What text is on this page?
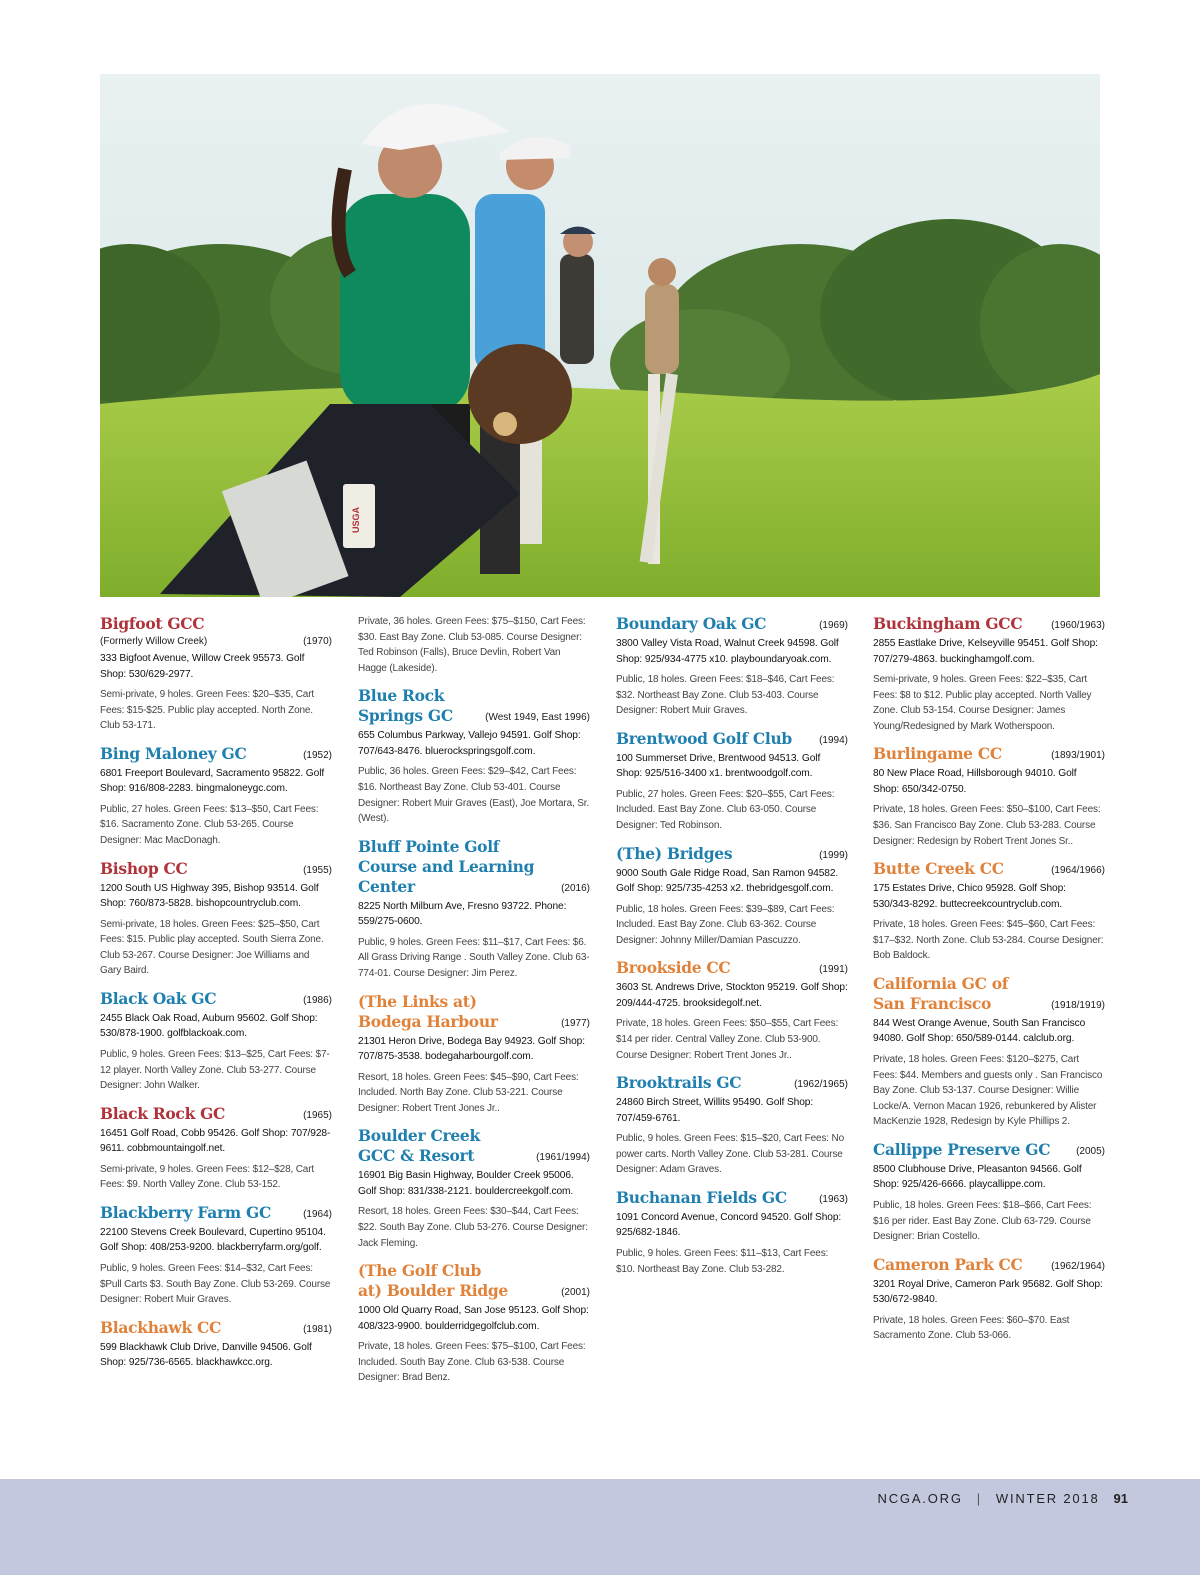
USGA
Bigfoot GCC
(Formerly Willow Creek)	(1970)
333 Bigfoot Avenue, Willow Creek 95573. Golf Shop: 530/629-2977.
Semi-private, 9 holes. Green Fees: $20–$35, Cart Fees: $15-$25. Public play accepted. North Zone. Club 53-171.
Bing Maloney GC	(1952)
6801 Freeport Boulevard, Sacramento 95822. Golf Shop: 916/808-2283. bingmaloneygc.com.
Public, 27 holes. Green Fees: $13–$50, Cart Fees: $16. Sacramento Zone. Club 53-265. Course Designer: Mac MacDonagh.
Bishop CC	(1955)
1200 South US Highway 395, Bishop 93514. Golf Shop: 760/873-5828. bishopcountryclub.com.
Semi-private, 18 holes. Green Fees: $25–$50, Cart Fees: $15. Public play accepted. South Sierra Zone. Club 53-267. Course Designer: Joe Williams and Gary Baird.
Black Oak GC	(1986)
2455 Black Oak Road, Auburn 95602. Golf Shop: 530/878-1900. golfblackoak.com.
Public, 9 holes. Green Fees: $13–$25, Cart Fees: $7-12 player. North Valley Zone. Club 53-277. Course Designer: John Walker.
Black Rock GC	(1965)
16451 Golf Road, Cobb 95426. Golf Shop: 707/928-9611. cobbmountaingolf.net.
Semi-private, 9 holes. Green Fees: $12–$28, Cart Fees: $9. North Valley Zone. Club 53-152.
Blackberry Farm GC	(1964)
22100 Stevens Creek Boulevard, Cupertino 95104. Golf Shop: 408/253-9200. blackberryfarm.org/golf.
Public, 9 holes. Green Fees: $14–$32, Cart Fees: $Pull Carts $3. South Bay Zone. Club 53-269. Course Designer: Robert Muir Graves.
Blackhawk CC	(1981)
599 Blackhawk Club Drive, Danville 94506. Golf Shop: 925/736-6565. blackhawkcc.org.
Private, 36 holes. Green Fees: $75–$150, Cart Fees: $30. East Bay Zone. Club 53-085. Course Designer: Ted Robinson (Falls), Bruce Devlin, Robert Van Hagge (Lakeside).
Blue Rock Springs GC	(West 1949, East 1996)
655 Columbus Parkway, Vallejo 94591. Golf Shop: 707/643-8476. bluerockspringsgolf.com.
Public, 36 holes. Green Fees: $29–$42, Cart Fees: $16. Northeast Bay Zone. Club 53-401. Course Designer: Robert Muir Graves (East), Joe Mortara, Sr. (West).
Bluff Pointe Golf Course and Learning Center	(2016)
8225 North Milburn Ave, Fresno 93722. Phone: 559/275-0600.
Public, 9 holes. Green Fees: $11–$17, Cart Fees: $6. All Grass Driving Range . South Valley Zone. Club 63-774-01. Course Designer: Jim Perez.
(The Links at) Bodega Harbour	(1977)
21301 Heron Drive, Bodega Bay 94923. Golf Shop: 707/875-3538. bodegaharbourgolf.com.
Resort, 18 holes. Green Fees: $45–$90, Cart Fees: Included. North Bay Zone. Club 53-221. Course Designer: Robert Trent Jones Jr..
Boulder Creek GCC & Resort	(1961/1994)
16901 Big Basin Highway, Boulder Creek 95006. Golf Shop: 831/338-2121. bouldercreekgolf.com.
Resort, 18 holes. Green Fees: $30–$44, Cart Fees: $22. South Bay Zone. Club 53-276. Course Designer: Jack Fleming.
(The Golf Club at) Boulder Ridge	(2001)
1000 Old Quarry Road, San Jose 95123. Golf Shop: 408/323-9900. boulderridgegolfclub.com.
Private, 18 holes. Green Fees: $75–$100, Cart Fees: Included. South Bay Zone. Club 63-538. Course Designer: Brad Benz.
Boundary Oak GC	(1969)
3800 Valley Vista Road, Walnut Creek 94598. Golf Shop: 925/934-4775 x10. playboundaryoak.com.
Public, 18 holes. Green Fees: $18–$46, Cart Fees: $32. Northeast Bay Zone. Club 53-403. Course Designer: Robert Muir Graves.
Brentwood Golf Club	(1994)
100 Summerset Drive, Brentwood 94513. Golf Shop: 925/516-3400 x1. brentwoodgolf.com.
Public, 27 holes. Green Fees: $20–$55, Cart Fees: Included. East Bay Zone. Club 63-050. Course Designer: Ted Robinson.
(The) Bridges	(1999)
9000 South Gale Ridge Road, San Ramon 94582. Golf Shop: 925/735-4253 x2. thebridgesgolf.com.
Public, 18 holes. Green Fees: $39–$89, Cart Fees: Included. East Bay Zone. Club 63-362. Course Designer: Johnny Miller/Damian Pascuzzo.
Brookside CC	(1991)
3603 St. Andrews Drive, Stockton 95219. Golf Shop: 209/444-4725. brooksidegolf.net.
Private, 18 holes. Green Fees: $50–$55, Cart Fees: $14 per rider. Central Valley Zone. Club 53-900. Course Designer: Robert Trent Jones Jr..
Brooktrails GC	(1962/1965)
24860 Birch Street, Willits 95490. Golf Shop: 707/459-6761.
Public, 9 holes. Green Fees: $15–$20, Cart Fees: No power carts. North Valley Zone. Club 53-281. Course Designer: Adam Graves.
Buchanan Fields GC	(1963)
1091 Concord Avenue, Concord 94520. Golf Shop: 925/682-1846.
Public, 9 holes. Green Fees: $11–$13, Cart Fees: $10. Northeast Bay Zone. Club 53-282.
Buckingham GCC	(1960/1963)
2855 Eastlake Drive, Kelseyville 95451. Golf Shop: 707/279-4863. buckinghamgolf.com.
Semi-private, 9 holes. Green Fees: $22–$35, Cart Fees: $8 to $12. Public play accepted. North Valley Zone. Club 53-154. Course Designer: James Young/Redesigned by Mark Wotherspoon.
Burlingame CC	(1893/1901)
80 New Place Road, Hillsborough 94010. Golf Shop: 650/342-0750.
Private, 18 holes. Green Fees: $50–$100, Cart Fees: $36. San Francisco Bay Zone. Club 53-283. Course Designer: Redesign by Robert Trent Jones Sr..
Butte Creek CC	(1964/1966)
175 Estates Drive, Chico 95928. Golf Shop: 530/343-8292. buttecreekcountryclub.com.
Private, 18 holes. Green Fees: $45–$60, Cart Fees: $17–$32. North Zone. Club 53-284. Course Designer: Bob Baldock.
California GC of San Francisco	(1918/1919)
844 West Orange Avenue, South San Francisco 94080. Golf Shop: 650/589-0144. calclub.org.
Private, 18 holes. Green Fees: $120–$275, Cart Fees: $44. Members and guests only . San Francisco Bay Zone. Club 53-137. Course Designer: Willie Locke/A. Vernon Macan 1926, rebunkered by Alister MacKenzie 1928, Redesign by Kyle Phillips 2.
Callippe Preserve GC	(2005)
8500 Clubhouse Drive, Pleasanton 94566. Golf Shop: 925/426-6666. playcallippe.com.
Public, 18 holes. Green Fees: $18–$66, Cart Fees: $16 per rider. East Bay Zone. Club 63-729. Course Designer: Brian Costello.
Cameron Park CC	(1962/1964)
3201 Royal Drive, Cameron Park 95682. Golf Shop: 530/672-9840.
Private, 18 holes. Green Fees: $60–$70. East Sacramento Zone. Club 53-066.
NCGA.ORG | WINTER 2018 91
